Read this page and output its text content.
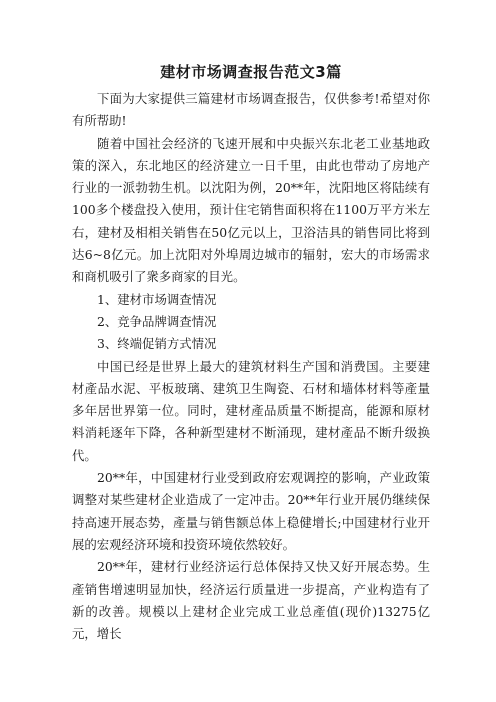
建材市场调查报告范文3篇

下面为大家提供三篇建材市场调查报告，仅供参考!希望对你有所帮助!

随着中国社会经济的飞速开展和中央振兴东北老工业基地政策的深入，东北地区的经济建立一日千里，由此也带动了房地产行业的一派勃勃生机。以沈阳为例，20**年，沈阳地区将陆续有100多个楼盘投入使用，预计住宅销售面积将在1100万平方米左右，建材及相相关销售在50亿元以上，卫浴洁具的销售同比将到达6~8亿元。加上沈阳对外埠周边城市的辐射，宏大的市场需求和商机吸引了衆多商家的目光。

1、建材市场调查情况
2、竞争品牌调查情况
3、终端促销方式情况

中国已经是世界上最大的建筑材料生产国和消费国。主要建材產品水泥、平板玻璃、建筑卫生陶瓷、石材和墙体材料等產量多年居世界第一位。同时，建材產品质量不断提高，能源和原材料消耗逐年下降，各种新型建材不断涌现，建材產品不断升级换代。

20**年，中国建材行业受到政府宏观调控的影响，产业政策调整对某些建材企业造成了一定冲击。20**年行业开展仍继续保持高速开展态势，產量与销售额总体上稳健增长;中国建材行业开展的宏观经济环境和投资环境依然较好。

20**年，建材行业经济运行总体保持又快又好开展态势。生產销售增速明显加快，经济运行质量进一步提高，产业构造有了新的改善。规模以上建材企业完成工业总產值(现价)13275亿元，增长
